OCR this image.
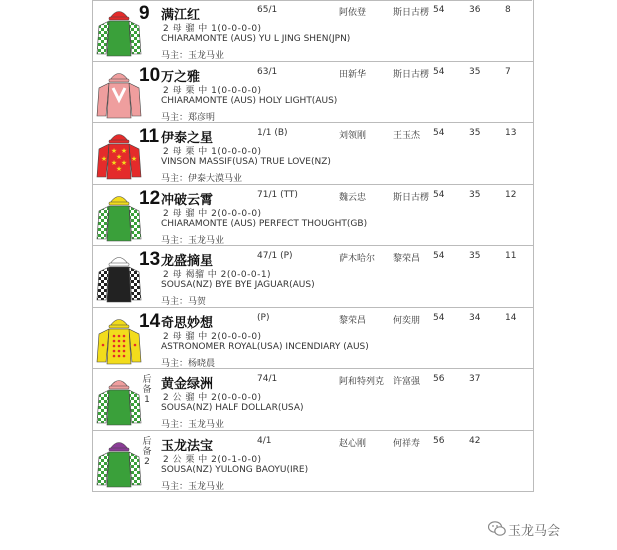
9 满江红	65/1	阿依登	斯日古楞 54	36	8
2 母 骝 中 1(0-0-0-0)
CHIARAMONTE (AUS) YU L JING SHEN(JPN)
马主：玉龙马业
10 万之雅	63/1	田新华	斯日古楞 54	35	7
2 母 栗 中 1(0-0-0-0)
CHIARAMONTE (AUS) HOLY LIGHT(AUS)
马主：郑彦明
★ ★
★
★ ★
★
★	★
11 伊泰之星	1/1 (B)	刘领刚	王玉杰 54	35	13
2 母 栗 中 1(0-0-0-0)
VINSON MASSIF(USA) TRUE LOVE(NZ)
马主：伊泰大漠马业
12 冲破云霄	71/1 (TT)	魏云忠	斯日古楞 54	35	12
2 母 骝 中 2(0-0-0-0)
CHIARAMONTE (AUS) PERFECT THOUGHT(GB)
马主：玉龙马业
13 龙盛摘星	47/1 (P)	萨木哈尔 黎荣昌 54	35	11
2 母 褐骝 中 2(0-0-0-1)
SOUSA(NZ) BYE BYE JAGUAR(AUS)
马主：马贺
14 奇思妙想	(P)	黎荣昌	何奕朋 54	34	14
2 母 骝 中 2(0-0-0-0)
ASTRONOMER ROYAL(USA) INCENDIARY (AUS)
马主：杨晓晨
后备1
黄金绿洲	74/1	阿和特列克 许富强 56	37
2 公 骝 中 2(0-0-0-0)
SOUSA(NZ) HALF DOLLAR(USA)
马主：玉龙马业
后备2
玉龙法宝	4/1	赵心刚	何祥寿 56	42
2 公 栗 中 2(0-1-0-0)
SOUSA(NZ) YULONG BAOYU(IRE)
马主：玉龙马业
玉龙马会
